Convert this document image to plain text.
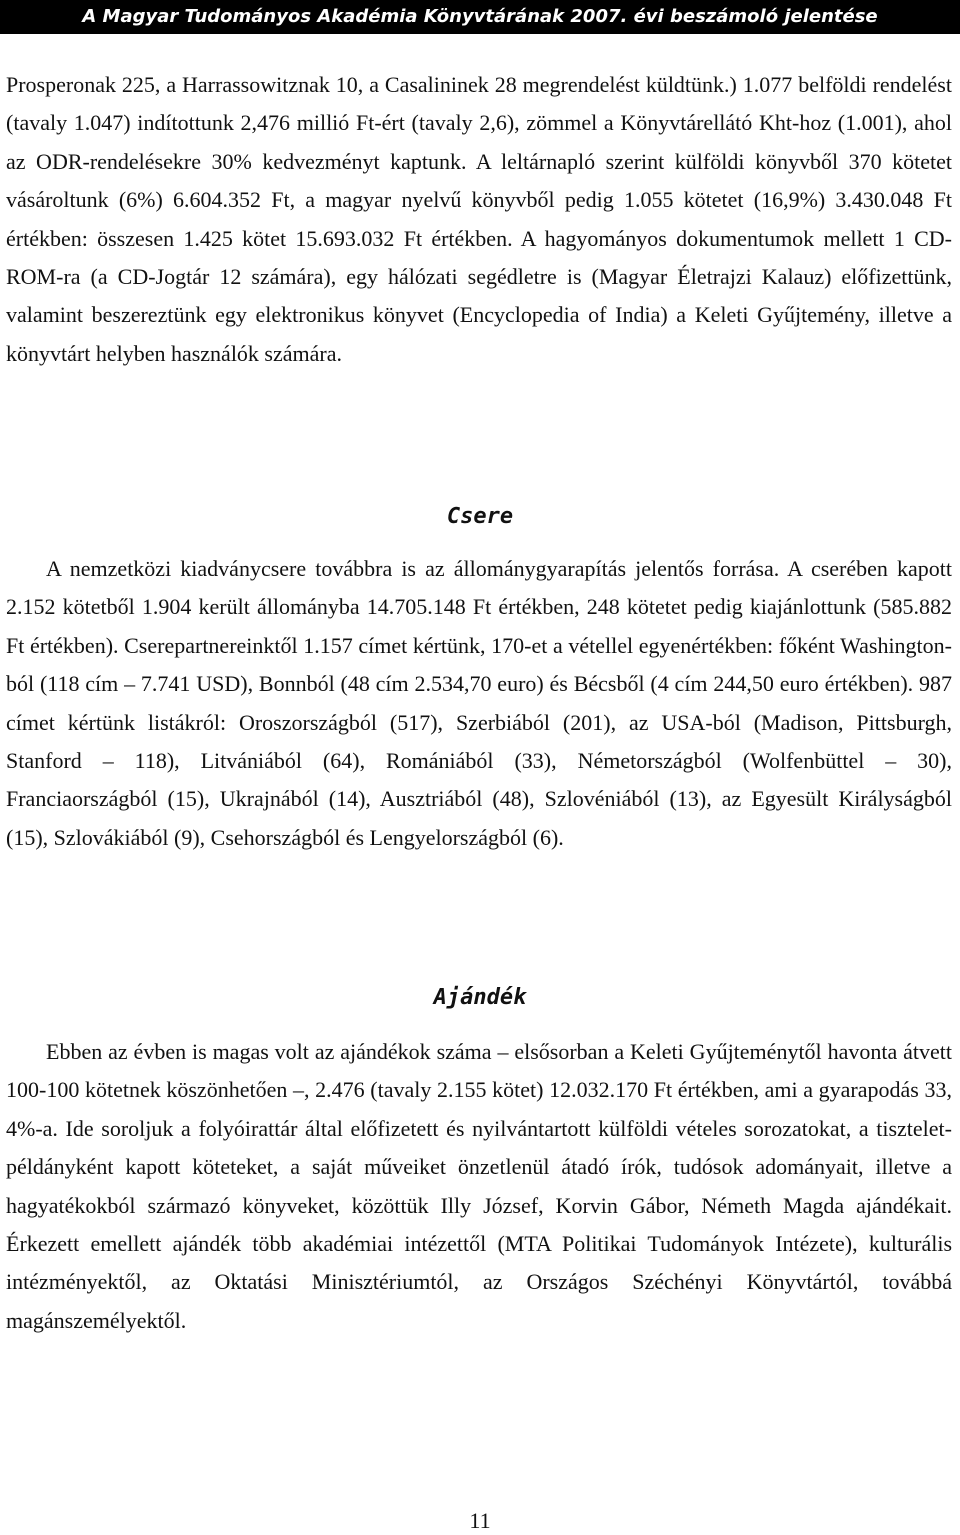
A Magyar Tudományos Akadémia Könyvtárának 2007. évi beszámoló jelentése

Prosperonak 225, a Harrassowitznak 10, a Casalininek 28 megrendelést küldtünk.) 1.077 belföldi rendelést (tavaly 1.047) indítottunk 2,476 millió Ft-ért (tavaly 2,6), zömmel a Könyvtárellátó Kht-hoz (1.001), ahol az ODR-rendelésekre 30% kedvezményt kaptunk. A leltárnapló szerint külföldi könyvből 370 kötetet vásároltunk (6%) 6.604.352 Ft, a magyar nyelvű könyvből pedig 1.055 kötetet (16,9%) 3.430.048 Ft értékben: összesen 1.425 kötet 15.693.032 Ft értékben. A hagyományos dokumentumok mellett 1 CD-ROM-ra (a CD-Jogtár 12 számára), egy hálózati segédletre is (Magyar Életrajzi Kalauz) előfizettünk, valamint beszereztünk egy elektronikus könyvet (Encyclopedia of India) a Keleti Gyűjtemény, illetve a könyvtárt helyben használók számára.

Csere

A nemzetközi kiadványcsere továbbra is az állománygyarapítás jelentős forrása. A cserében kapott 2.152 kötetből 1.904 került állományba 14.705.148 Ft értékben, 248 kötetet pedig kiajánlottunk (585.882 Ft értékben). Cserepartnereinktől 1.157 címet kértünk, 170-et a vétellel egyenértékben: főként Washingtonból (118 cím – 7.741 USD), Bonnból (48 cím 2.534,70 euro) és Bécsből (4 cím 244,50 euro értékben). 987 címet kértünk listákról: Oroszországból (517), Szerbiából (201), az USA-ból (Madison, Pittsburgh, Stanford – 118), Litvániából (64), Romániából (33), Németországból (Wolfenbüttel – 30), Franciaországból (15), Ukrajnából (14), Ausztriából (48), Szlovéniából (13), az Egyesült Királyságból (15), Szlovákiából (9), Csehországból és Lengyelországból (6).

Ajándék

Ebben az évben is magas volt az ajándékok száma – elsősorban a Keleti Gyűjteménytől havonta átvett 100-100 kötetnek köszönhetően –, 2.476 (tavaly 2.155 kötet) 12.032.170 Ft értékben, ami a gyarapodás 33, 4%-a. Ide soroljuk a folyóirattár által előfizetett és nyilvántartott külföldi vételes sorozatokat, a tisztelet-példányként kapott köteteket, a saját műveiket önzetlenül átadó írók, tudósok adományait, illetve a hagyatékokból származó könyveket, közöttük Illy József, Korvin Gábor, Németh Magda ajándékait. Érkezett emellett ajándék több akadémiai intézettől (MTA Politikai Tudományok Intézete), kulturális intézményektől, az Oktatási Minisztériumtól, az Országos Széchényi Könyvtártól, továbbá magánszemélyektől.

11
